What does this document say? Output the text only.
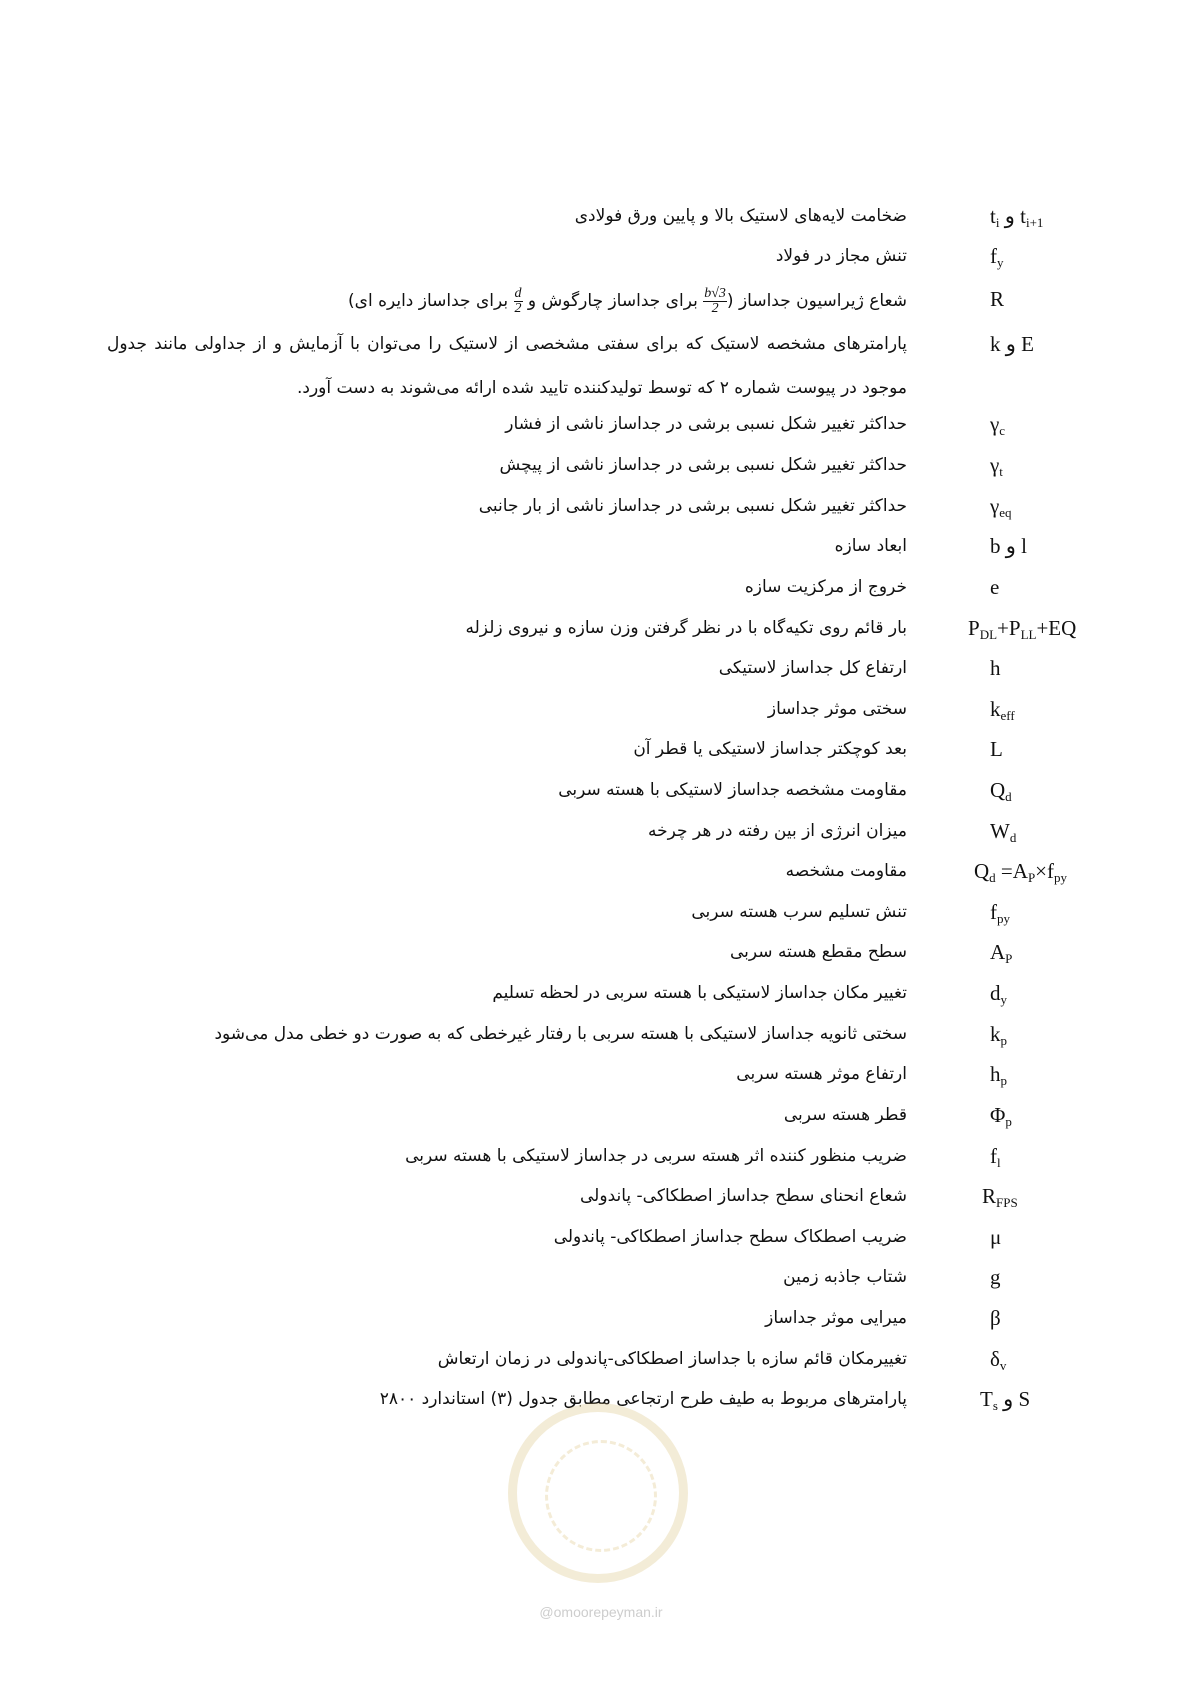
$t_i$ و $t_{i+1}$
ضخامت لایه‌های لاستیک بالا و پایین ورق فولادی
$f_y$
تنش مجاز در فولاد
R
شعاع ژیراسیون جداساز (
$\frac{b√3}{2}$
برای جداساز چارگوش و
$\frac{d}{2}$
برای جداساز دایره ای)
k و E
پارامترهای مشخصه لاستیک که برای سفتی مشخصی از لاستیک را می‌توان با آزمایش و از جداولی مانند جدول موجود در پیوست شماره ۲ که توسط تولیدکننده تایید شده ارائه می‌شوند به دست آورد.
$\gamma_c$
حداکثر تغییر شکل نسبی برشی در جداساز ناشی از فشار
$\gamma_t$
حداکثر تغییر شکل نسبی برشی در جداساز ناشی از پیچش
$\gamma_{eq}$
حداکثر تغییر شکل نسبی برشی در جداساز ناشی از بار جانبی
b و l
ابعاد سازه
e
خروج از مرکزیت سازه
$P_{DL}+P_{LL}+EQ$
بار قائم روی تکیه‌گاه با در نظر گرفتن وزن سازه و نیروی زلزله
h
ارتفاع کل جداساز لاستیکی
$k_{eff}$
سختی موثر جداساز
L
بعد کوچکتر جداساز لاستیکی یا قطر آن
$Q_d$
مقاومت مشخصه جداساز لاستیکی با هسته سربی
$W_d$
میزان انرژی از بین رفته در هر چرخه
$Q_d =A_P\times f_{py}$
مقاومت مشخصه
$f_{py}$
تنش تسلیم سرب هسته سربی
$A_P$
سطح مقطع هسته سربی
$d_y$
تغییر مکان جداساز لاستیکی با هسته سربی در لحظه تسلیم
$k_p$
سختی ثانویه جداساز لاستیکی با هسته سربی با رفتار غیرخطی که به صورت دو خطی مدل می‌شود
$h_p$
ارتفاع موثر هسته سربی
$\Phi_p$
قطر هسته سربی
$f_l$
ضریب منظور کننده اثر هسته سربی در جداساز لاستیکی با هسته سربی
$R_{FPS}$
شعاع انحنای سطح جداساز اصطکاکی- پاندولی
μ
ضریب اصطکاک سطح جداساز اصطکاکی- پاندولی
g
شتاب جاذبه زمین
β
میرایی موثر جداساز
$\delta_v$
تغییرمکان قائم سازه با جداساز اصطکاکی-پاندولی در زمان ارتعاش
$T_s$ و S
پارامترهای مربوط به طیف طرح ارتجاعی مطابق جدول (۳) استاندارد ۲۸۰۰
@omoorepeyman.ir
